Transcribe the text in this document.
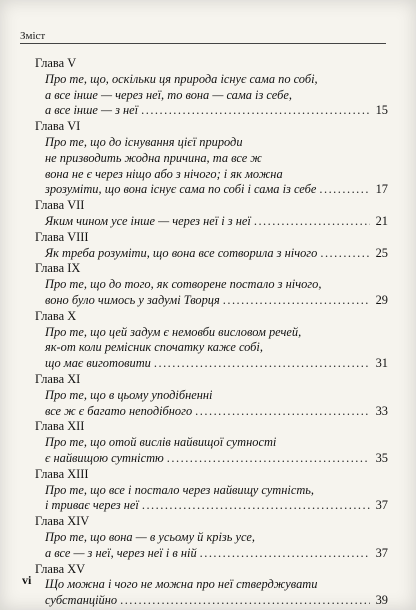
Зміст
Глава V
Про те, що, оскільки ця природа існує сама по собі,
а все інше — через неї, то вона — сама із себе,
а все інше — з неї .....	15
Глава VI
Про те, що до існування цієї природи
не призводить жодна причина, та все ж
вона не є через ніщо або з нічого; і як можна
зрозуміти, що вона існує сама по собі і сама із себе .....	17
Глава VII
Яким чином усе інше — через неї і з неї .....	21
Глава VIII
Як треба розуміти, що вона все сотворила з нічого .....	25
Глава IX
Про те, що до того, як сотворене постало з нічого,
воно було чимось у задумі Творця .....	29
Глава X
Про те, що цей задум є немовби висловом речей,
як-от коли ремісник спочатку каже собі,
що має виготовити .....	31
Глава XI
Про те, що в цьому уподібненні
все ж є багато неподібного .....	33
Глава XII
Про те, що отой вислів найвищої сутності
є найвищою сутністю .....	35
Глава XIII
Про те, що все і постало через найвищу сутність,
і триває через неї .....	37
Глава XIV
Про те, що вона — в усьому й крізь усе,
а все — з неї, через неї і в ній .....	37
Глава XV
Що можна і чого не можна про неї стверджувати
субстанційно .....	39
vi
